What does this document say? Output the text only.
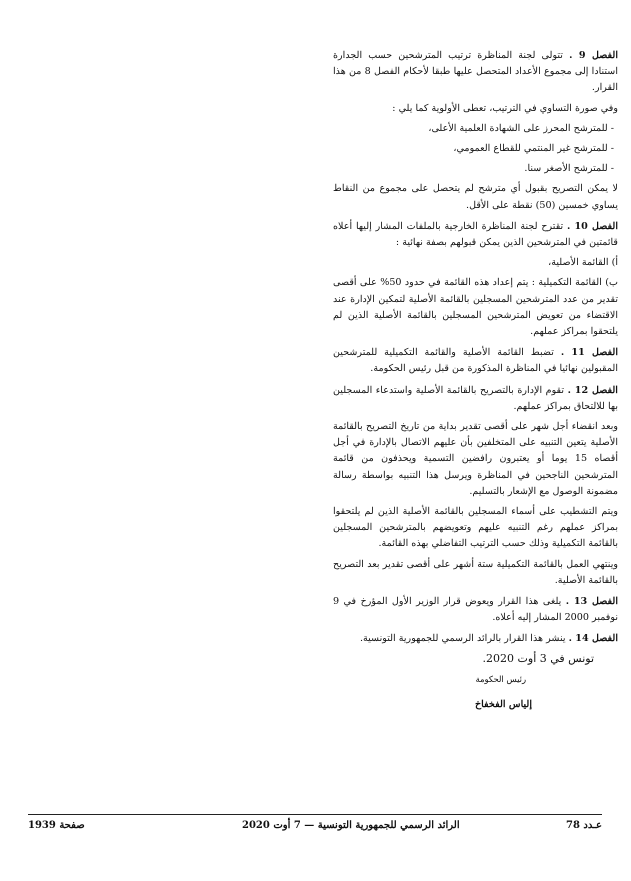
الفصل 9 . تتولى لجنة المناظرة ترتيب المترشحين حسب الجدارة استنادا إلى مجموع الأعداد المتحصل عليها طبقا لأحكام الفصل 8 من هذا القرار.

وفي صورة التساوي في الترتيب، تعطى الأولوية كما يلي :

- للمترشح المحرز على الشهادة العلمية الأعلى،

- للمترشح غير المنتمي للقطاع العمومي،

- للمترشح الأصغر سنا.

لا يمكن التصريح بقبول أي مترشح لم يتحصل على مجموع من النقاط يساوي خمسين (50) نقطة على الأقل.

الفصل 10 . تقترح لجنة المناظرة الخارجية بالملفات المشار إليها أعلاه قائمتين في المترشحين الذين يمكن قبولهم بصفة نهائية :

أ) القائمة الأصلية،

ب) القائمة التكميلية : يتم إعداد هذه القائمة في حدود 50% على أقصى تقدير من عدد المترشحين المسجلين بالقائمة الأصلية لتمكين الإدارة عند الاقتضاء من تعويض المترشحين المسجلين بالقائمة الأصلية الذين لم يلتحقوا بمراكز عملهم.

الفصل 11 . تضبط القائمة الأصلية والقائمة التكميلية للمترشحين المقبولين نهائيا في المناظرة المذكورة من قبل رئيس الحكومة.

الفصل 12 . تقوم الإدارة بالتصريح بالقائمة الأصلية واستدعاء المسجلين بها للالتحاق بمراكز عملهم.

وبعد انقضاء أجل شهر على أقصى تقدير بداية من تاريخ التصريح بالقائمة الأصلية يتعين التنبيه على المتخلفين بأن عليهم الاتصال بالإدارة في أجل أقصاه 15 يوما أو يعتبرون رافضين التسمية ويحذفون من قائمة المترشحين الناجحين في المناظرة ويرسل هذا التنبيه بواسطة رسالة مضمونة الوصول مع الإشعار بالتسليم.

ويتم التشطيب على أسماء المسجلين بالقائمة الأصلية الذين لم يلتحقوا بمراكز عملهم رغم التنبيه عليهم وتعويضهم بالمترشحين المسجلين بالقائمة التكميلية وذلك حسب الترتيب التفاضلي بهذه القائمة.

وينتهي العمل بالقائمة التكميلية ستة أشهر على أقصى تقدير بعد التصريح بالقائمة الأصلية.

الفصل 13 . يلغى هذا القرار ويعوض قرار الوزير الأول المؤرخ في 9 نوفمبر 2000 المشار إليه أعلاه.

الفصل 14 . ينشر هذا القرار بالرائد الرسمي للجمهورية التونسية.

تونس في 3 أوت 2020.

رئيس الحكومة

إلياس الفخفاخ

عـدد 78
الرائد الرسمي للجمهورية التونسية — 7 أوت 2020
صفحة 1939
